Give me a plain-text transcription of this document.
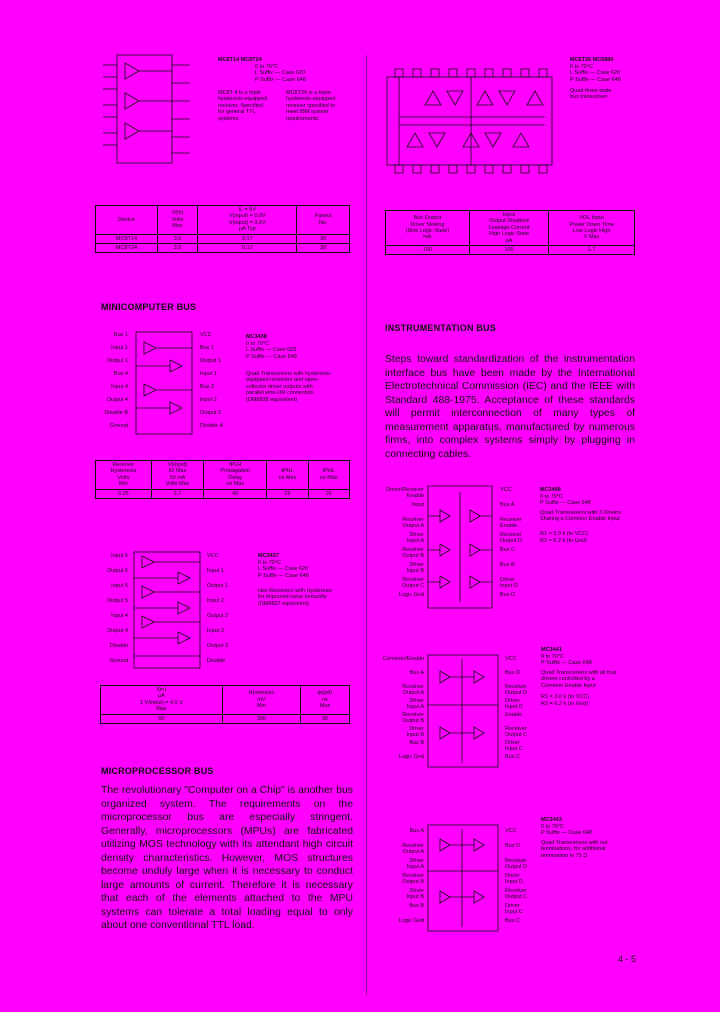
MC8T14 MC8T24
0 to 70°C
L Suffix — Case 620
P Suffix — Case 648
MC8T 4 is a triple
hysteresis-equipped
receiver. Specified
for general TTL
systems.
MC8T24 is a triple
hysteresis-equipped
receiver specified to
meet IBM system
requirements.
Device	V(th)
Volts
Max	IL = 5V
V(input) = 0.8V
V(input) = 3.6V
μA Typ	Fanout
No.
MC8T14	3.5	0.17	30
MC8T24	3.5	0.17	30
MINICOMPUTER BUS
Bus 1
Input 1
Output 1
Bus 4
Input 4
Output 4
Disable B
Ground
VCC
Bus 1
Output 1
Input 1
Bus 2
Input 2
Output 2
Disable A
MC3438
0 to 70°C
L Suffix — Case 623
P Suffix — Case 648
Quad Transceivers with hysteresis-
equipped receivers and open-
collector driver outputs with
parallel wire-OR connection
(DM8838 equivalent)
Receiver
Hysteresis
Volts
Min	V(input)
IO Max
50 mA
Volts Max	tPLH
Propagation
Delay
ns Max	tPHL
ns Max	tPHL
ns Max
0.25	3.7	40	25	25
Input 6
Output 6
Input 5
Output 5
Input 4
Output 4
Disable
Ground
VCC
Input 1
Output 1
Input 2
Output 2
Input 3
Output 3
Disable
MC3437
0 to 70°C
L Suffix — Case 620
P Suffix — Case 648
Hex Receivers with Hysteresis
for improved noise immunity
(DM8837 equivalent)
I(in)
μA
1 V(input) = 4.0 V
Max	Hysteresis
mV
Min	tp(pd)
ns
Max
50	300	30
MICROPROCESSOR BUS
The revolutionary "Computer on a Chip" is another bus organized system. The requirements on the microprocessor bus are especially stringent. Generally, microprocessors (MPUs) are fabricated utilizing MOS technology with its attendant high circuit density characteristics. However, MOS structures become unduly large when it is necessary to conduct large amounts of current. Therefore it is necessary that each of the elements attached to the MPU systems can tolerate a total loading equal to only about one conventional TTL load.
MC6T26 MC6880
0 to 70°C
L Suffix — Case 620
P Suffix — Case 648
Quad three-state
bus transceiver
Bus Output
Driver Sinking
(Sink Logic State)
mA	Input
Output Disabled
Leakage Current
High Logic State
μA	VOL Input
Power Down Time
Low Logic High
V Max
100	100	1.7
INSTRUMENTATION BUS
Steps toward standardization of the instrumentation interface bus have been made by the International Electrotechnical Commission (IEC) and the IEEE with Standard 488-1975. Acceptance of these standards will permit interconnection of many types of measurement apparatus, manufactured by numerous firms, into complex systems simply by plugging in connecting cables.
Driver/Receiver
Enable
Input
Receiver
Output A
Driver
Input A
Receiver
Output B
Driver
Input B
Receiver
Output C
Logic Gnd
VCC
Bus A
Receiver
Enable
Receiver
Output D
Bus C
Bus B
Driver
Input D
Bus D
MC3448
0 to 70°C
P Suffix — Case 648
Quad Transceivers with 3 Drivers
Sharing a Common Enable Input
R1 = 3.0 k (to VCC)
R2 = 6.2 k (to Gnd)
Common/Enable
Bus A
Receiver
Output A
Driver
Input A
Receiver
Output B
Driver
Input B
Bus B
Logic Gnd
VCC
Bus D
Receiver
Output D
Driver
Input D
Enable
Receiver
Output C
Driver
Input C
Bus C
MC3441
0 to 70°C
P Suffix — Case 648
Quad Transceivers with all four
drivers controlled by a
Common Enable Input
R1 = 3.0 k (to VCC)
R2 = 6.2 k (to Gnd)
Bus A
Receiver
Output A
Driver
Input A
Receiver
Output B
Driver
Input B
Bus B
Logic Gnd
VCC
Bus D
Receiver
Output D
Driver
Input D
Receiver
Output C
Driver
Input C
Bus C
MC3443
0 to 70°C
P Suffix — Case 648
Quad Transceivers with out
terminations, for additional
termination in 75 Ω
4 - 5
